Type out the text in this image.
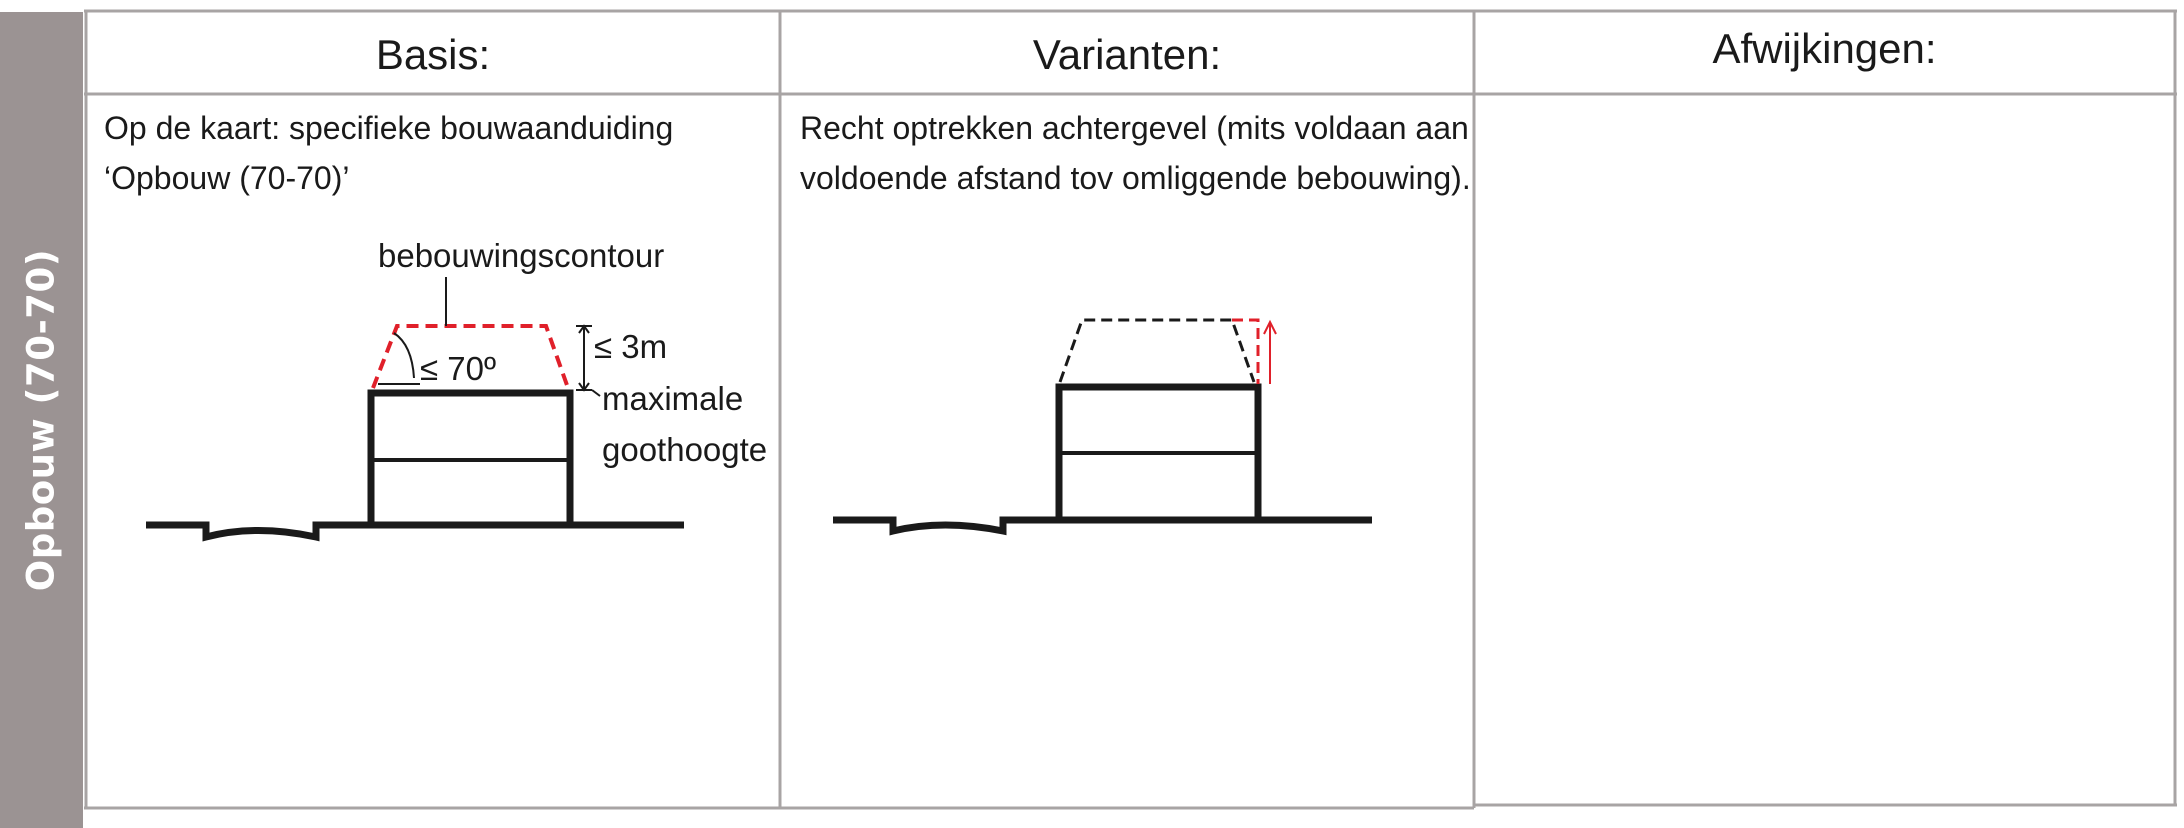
Opbouw (70-70)
Basis:	Varianten:	Afwijkingen:
Op de kaart: specifieke bouwaanduiding
‘Opbouw (70-70)’
Recht optrekken achtergevel (mits voldaan aan
voldoende afstand tov omliggende bebouwing).
bebouwingscontour
≤ 70º
≤ 3m
maximale
goothoogte
